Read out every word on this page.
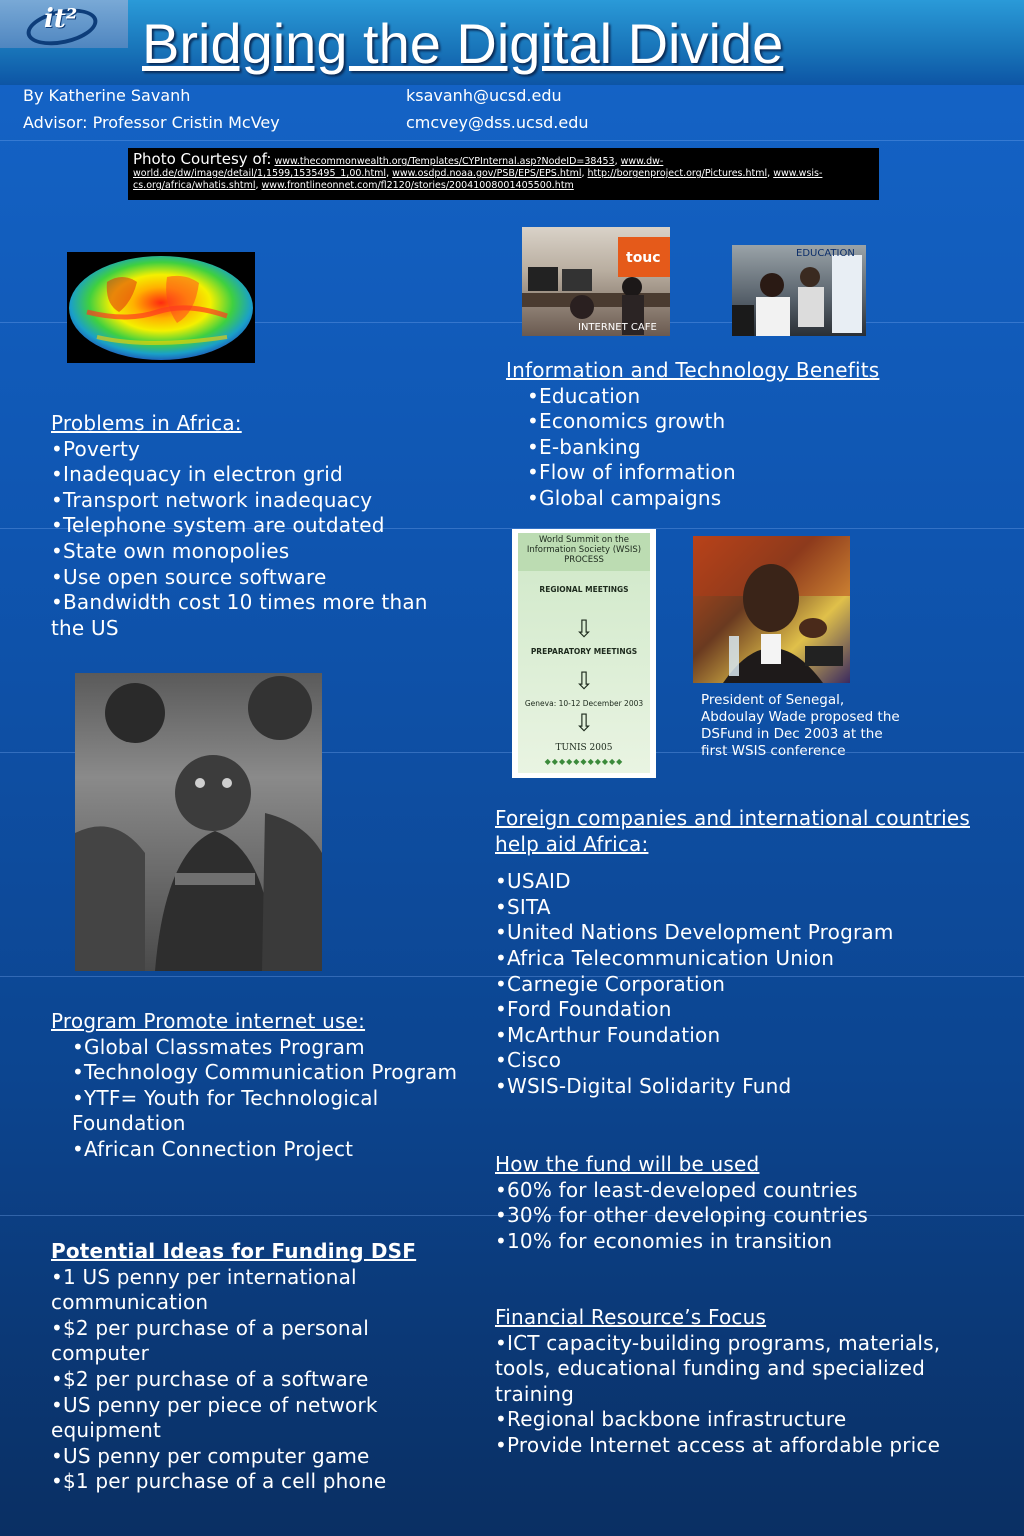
it² Bridging the Digital Divide
By Katherine Savanh	ksavanh@ucsd.edu
Advisor: Professor Cristin McVey	cmcvey@dss.ucsd.edu
Photo Courtesy of: www.thecommonwealth.org/Templates/CYPInternal.asp?NodeID=38453, www.dw-world.de/dw/image/detail/1,1599,1535495_1,00.html, www.osdpd.noaa.gov/PSB/EPS/EPS.html, http://borgenproject.org/Pictures.html, www.wsis-cs.org/africa/whatis.shtml, www.frontlineonnet.com/fl2120/stories/20041008001405500.htm
touc
INTERNET CAFE
EDUCATION
Information and Technology Benefits
•Education
•Economics growth
•E-banking
•Flow of information
•Global campaigns
Problems in Africa:
•Poverty
•Inadequacy in electron grid
•Transport network inadequacy
•Telephone system are outdated
•State own monopolies
•Use open source software
•Bandwidth cost 10 times more than the US
World Summit on the Information Society (WSIS) PROCESS
REGIONAL MEETINGS
⇩
PREPARATORY MEETINGS
⇩
Geneva: 10-12 December 2003
⇩
TUNIS 2005
◆◆◆◆◆◆◆◆◆◆◆
President of Senegal, Abdoulay Wade proposed the DSFund in Dec 2003 at the first WSIS conference
Foreign companies and international countries help aid Africa:
•USAID
•SITA
•United Nations Development Program
•Africa Telecommunication Union
•Carnegie Corporation
•Ford Foundation
•McArthur Foundation
•Cisco
•WSIS-Digital Solidarity Fund
Program Promote internet use:
•Global Classmates Program
•Technology Communication Program
•YTF= Youth for Technological Foundation
•African Connection Project
How the fund will be used
•60% for least-developed countries
•30% for other developing countries
•10% for economies in transition
Potential Ideas for Funding DSF
•1 US penny per international communication
•$2 per purchase of a personal computer
•$2 per purchase of a software
•US penny per piece of network equipment
•US penny per computer game
•$1 per purchase of a cell phone
Financial Resource’s Focus
•ICT capacity-building programs, materials, tools, educational funding and specialized training
•Regional backbone infrastructure
•Provide Internet access at affordable price
